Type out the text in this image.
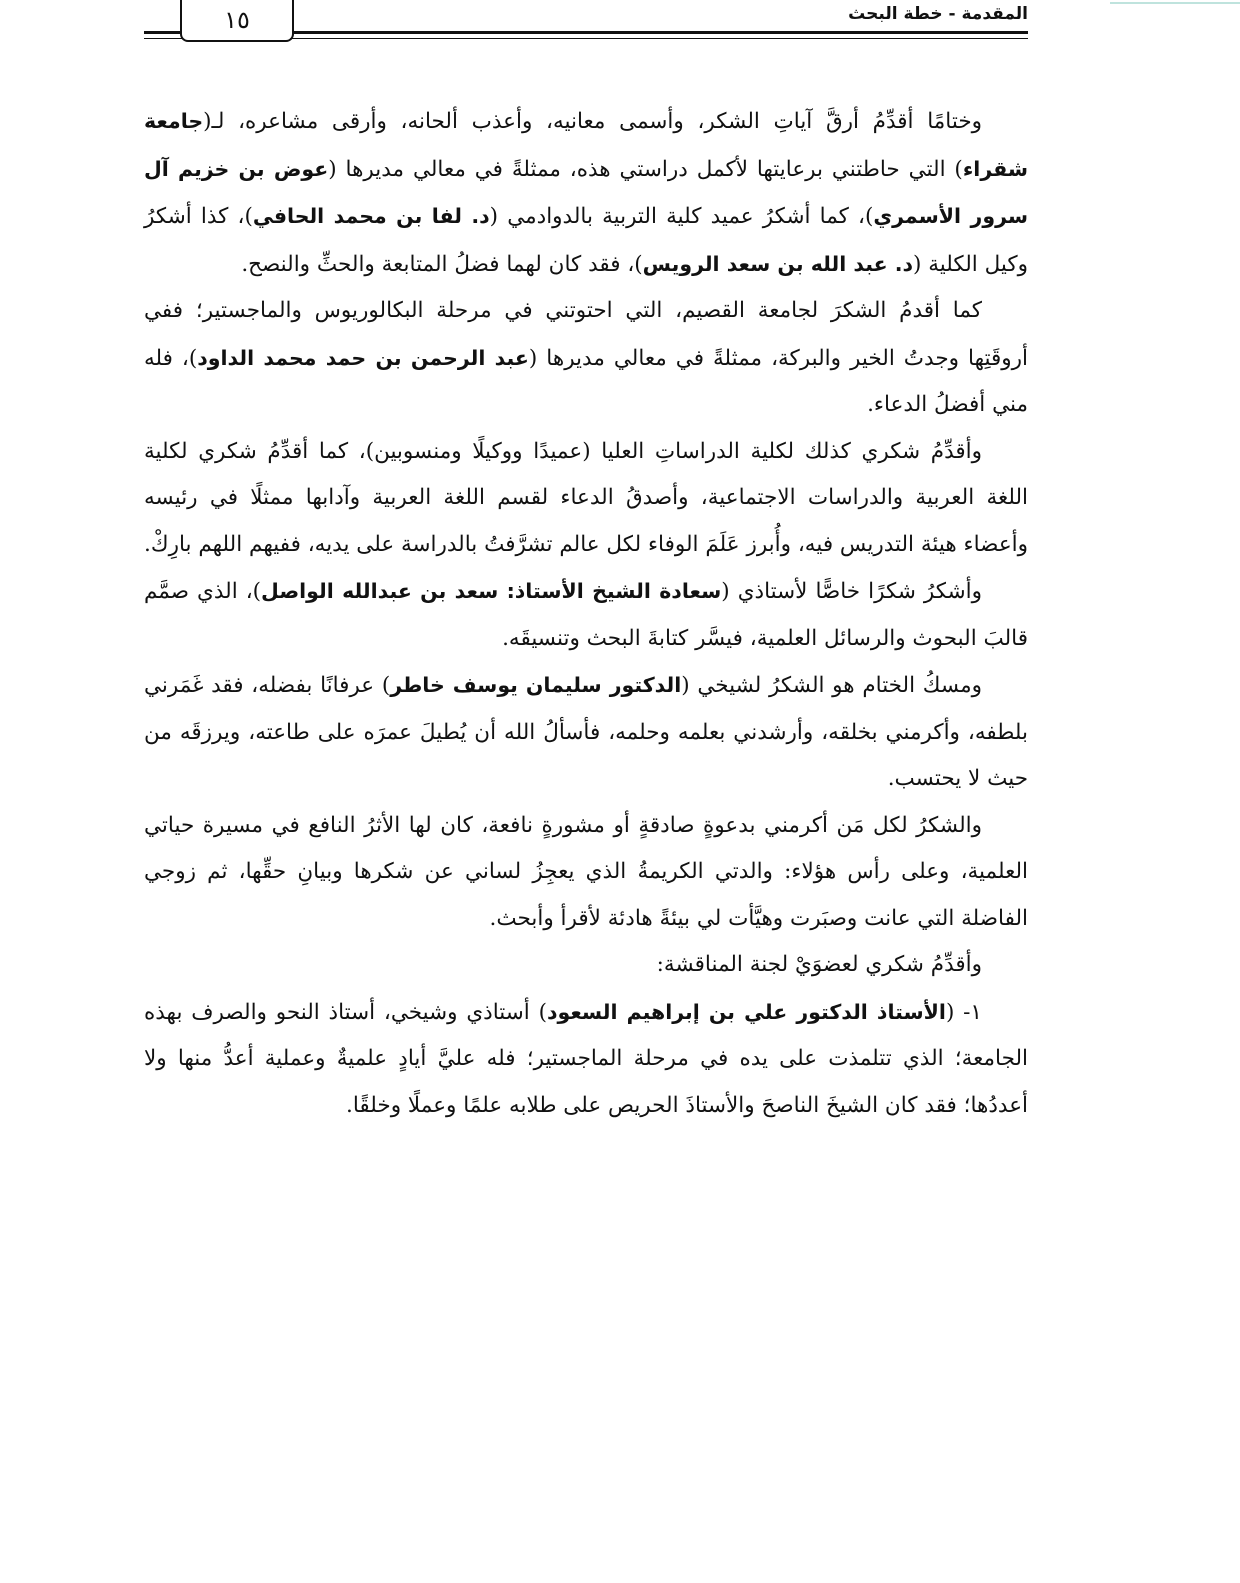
١٥	المقدمة - خطة البحث

وختامًا أقدِّمُ أرقَّ آياتِ الشكر، وأسمى معانيه، وأعذب ألحانه، وأرقى مشاعره، لـ(جامعة شقراء) التي حاطتني برعايتها لأكمل دراستي هذه، ممثلةً في معالي مديرها (عوض بن خزيم آل سرور الأسمري)، كما أشكرُ عميد كلية التربية بالدوادمي (د. لفا بن محمد الحافي)، كذا أشكرُ وكيل الكلية (د. عبد الله بن سعد الرويس)، فقد كان لهما فضلُ المتابعة والحثِّ والنصح.

كما أقدمُ الشكرَ لجامعة القصيم، التي احتوتني في مرحلة البكالوريوس والماجستير؛ ففي أروقَتِها وجدتُ الخير والبركة، ممثلةً في معالي مديرها (عبد الرحمن بن حمد محمد الداود)، فله مني أفضلُ الدعاء.

وأقدِّمُ شكري كذلك لكلية الدراساتِ العليا (عميدًا ووكيلًا ومنسوبين)، كما أقدِّمُ شكري لكلية اللغة العربية والدراسات الاجتماعية، وأصدقُ الدعاء لقسم اللغة العربية وآدابها ممثلًا في رئيسه وأعضاء هيئة التدريس فيه، وأُبرز عَلَمَ الوفاء لكل عالم تشرَّفتُ بالدراسة على يديه، ففيهم اللهم بارِكْ.

وأشكرُ شكرًا خاصًّا لأستاذي (سعادة الشيخ الأستاذ: سعد بن عبدالله الواصل)، الذي صمَّم قالبَ البحوث والرسائل العلمية، فيسَّر كتابةَ البحث وتنسيقَه.

ومسكُ الختام هو الشكرُ لشيخي (الدكتور سليمان يوسف خاطر) عرفانًا بفضله، فقد غَمَرني بلطفه، وأكرمني بخلقه، وأرشدني بعلمه وحلمه، فأسألُ الله أن يُطيلَ عمرَه على طاعته، ويرزقَه من حيث لا يحتسب.

والشكرُ لكل مَن أكرمني بدعوةٍ صادقةٍ أو مشورةٍ نافعة، كان لها الأثرُ النافع في مسيرة حياتي العلمية، وعلى رأس هؤلاء: والدتي الكريمةُ الذي يعجِزُ لساني عن شكرها وبيانِ حقِّها، ثم زوجي الفاضلة التي عانت وصبَرت وهيَّأت لي بيئةً هادئة لأقرأ وأبحث.

وأقدِّمُ شكري لعضوَيْ لجنة المناقشة:

١- (الأستاذ الدكتور علي بن إبراهيم السعود) أستاذي وشيخي، أستاذ النحو والصرف بهذه الجامعة؛ الذي تتلمذت على يده في مرحلة الماجستير؛ فله عليَّ أيادٍ علميةٌ وعملية أعدُّ منها ولا أعددُها؛ فقد كان الشيخَ الناصحَ والأستاذَ الحريص على طلابه علمًا وعملًا وخلقًا.
